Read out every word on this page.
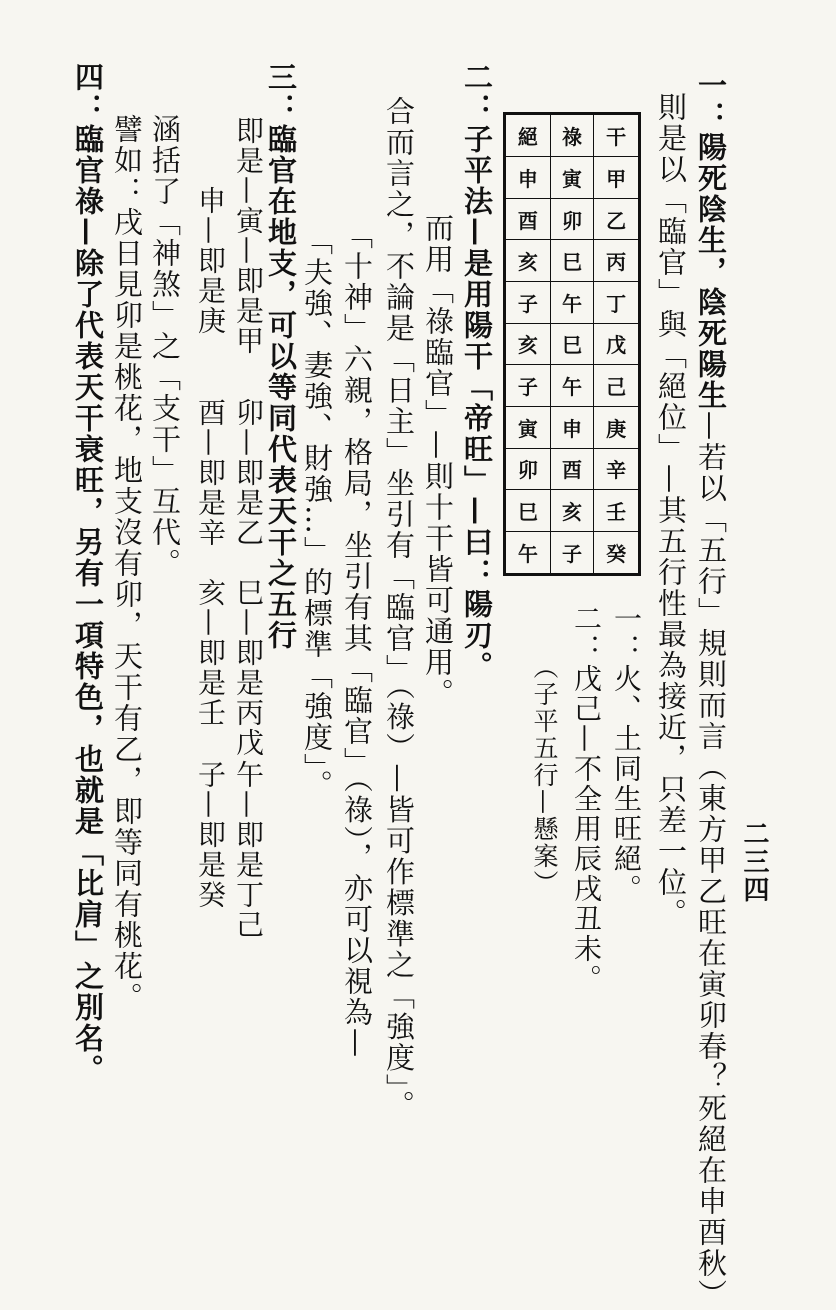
二三四
一：陽死陰生，陰死陽生—若以「五行」規則而言（東方甲乙旺在寅卯春？死絕在申酉秋）
則是以「臨官」與「絕位」—其五行性最為接近，只差一位。
一：火、土同生旺絕。
二：戊己—不全用辰戌丑未。
（子平五行—懸案）
絕	祿	干
申	寅	甲
酉	卯	乙
亥	巳	丙
子	午	丁
亥	巳	戊
子	午	己
寅	申	庚
卯	酉	辛
巳	亥	壬
午	子	癸
二：子平法—是用陽干「帝旺」—曰：陽刃。
而用「祿臨官」—則十干皆可通用。
合而言之，不論是「日主」坐引有「臨官」（祿）—皆可作標準之「強度」。
「十神」六親，格局，坐引有其「臨官」（祿），亦可以視為—
「夫強、妻強、財強…」的標準「強度」。
三：臨官在地支，可以等同代表天干之五行
即是—寅—即是甲
卯—即是乙
巳—即是丙戊
午—即是丁己
申—即是庚
酉—即是辛
亥—即是壬
子—即是癸
涵括了「神煞」之「支干」互代。
譬如：戌日見卯是桃花，地支沒有卯，天干有乙，即等同有桃花。
四：臨官祿—除了代表天干衰旺，另有一項特色，也就是「比肩」之別名。
